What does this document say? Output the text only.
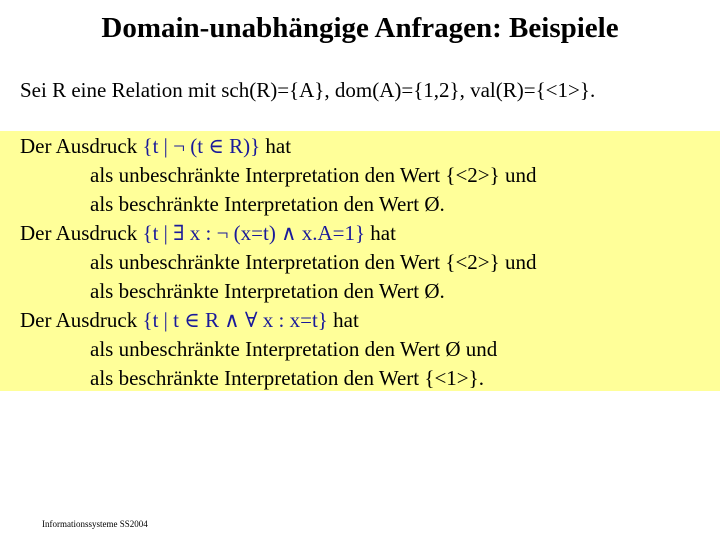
Domain-unabhängige Anfragen: Beispiele
Sei R eine Relation mit sch(R)={A}, dom(A)={1,2}, val(R)={<1>}.
Der Ausdruck {t | ¬ (t ∈ R)} hat
als unbeschränkte Interpretation den Wert {<2>} und
als beschränkte Interpretation den Wert Ø.
Der Ausdruck {t | ∃ x : ¬ (x=t) ∧ x.A=1} hat
als unbeschränkte Interpretation den Wert {<2>} und
als beschränkte Interpretation den Wert Ø.
Der Ausdruck {t | t ∈ R ∧ ∀ x : x=t} hat
als unbeschränkte Interpretation den Wert Ø und
als beschränkte Interpretation den Wert {<1>}.
Informationssysteme SS2004
